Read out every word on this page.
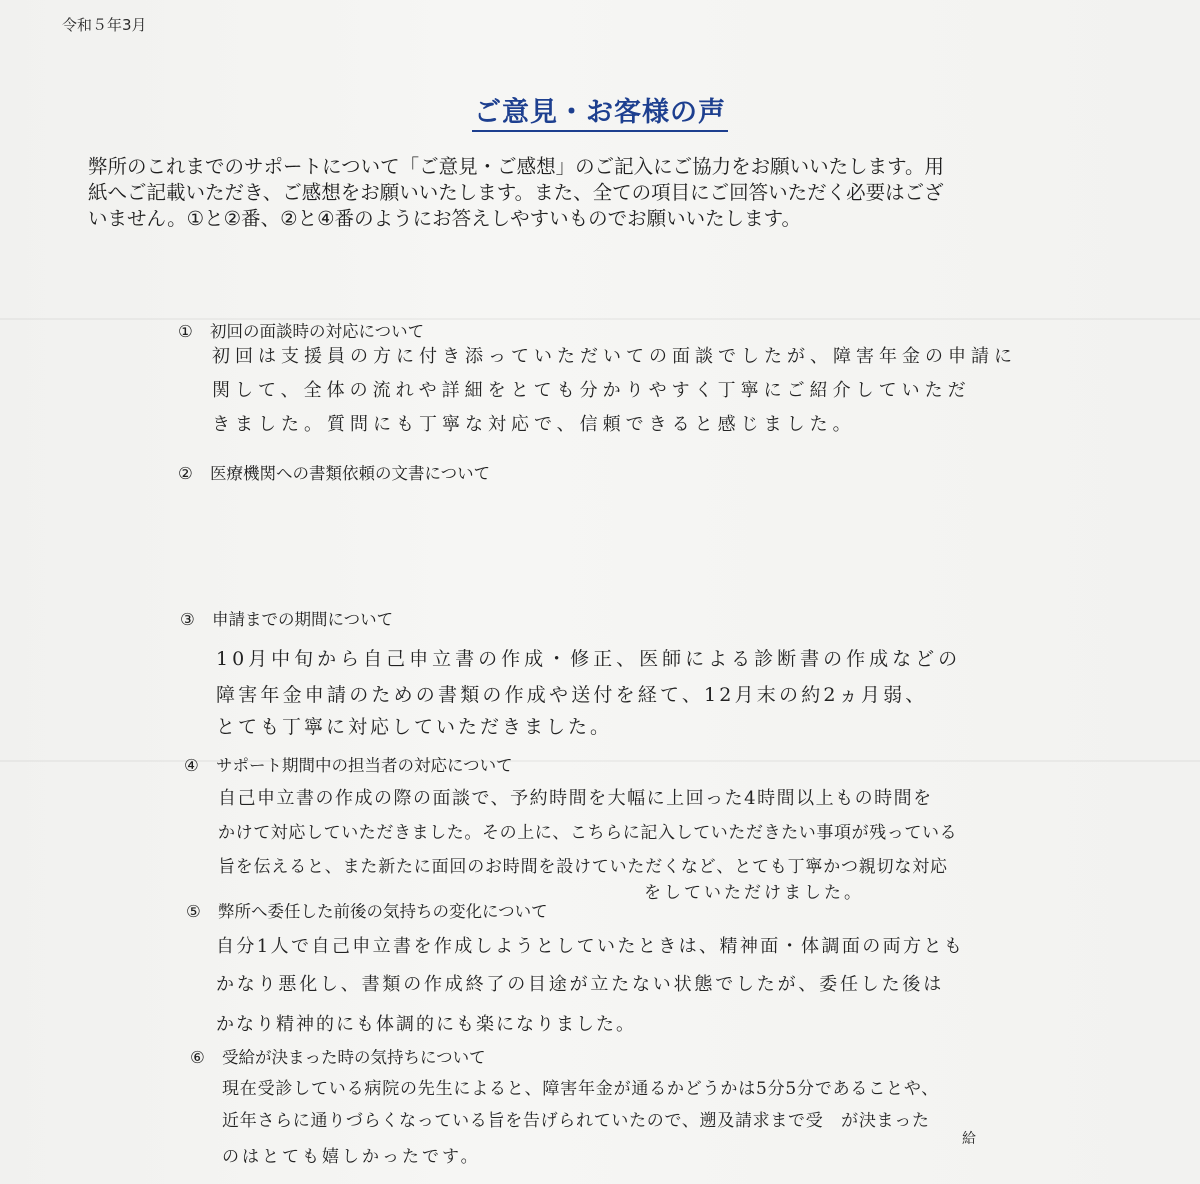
令和５年3月
ご意見・お客様の声
弊所のこれまでのサポートについて「ご意見・ご感想」のご記入にご協力をお願いいたします。用
紙へご記載いただき、ご感想をお願いいたします。また、全ての項目にご回答いただく必要はござ
いません。①と②番、②と④番のようにお答えしやすいものでお願いいたします。
① 初回の面談時の対応について
初回は支援員の方に付き添っていただいての面談でしたが、障害年金の申請に
関して、全体の流れや詳細をとても分かりやすく丁寧にご紹介していただ
きました。質問にも丁寧な対応で、信頼できると感じました。
② 医療機関への書類依頼の文書について
③ 申請までの期間について
10月中旬から自己申立書の作成・修正、医師による診断書の作成などの
障害年金申請のための書類の作成や送付を経て、12月末の約2ヵ月弱、
とても丁寧に対応していただきました。
④ サポート期間中の担当者の対応について
自己申立書の作成の際の面談で、予約時間を大幅に上回った4時間以上もの時間を
かけて対応していただきました。その上に、こちらに記入していただきたい事項が残っている
旨を伝えると、また新たに面回のお時間を設けていただくなど、とても丁寧かつ親切な対応
をしていただけました。
⑤ 弊所へ委任した前後の気持ちの変化について
自分1人で自己申立書を作成しようとしていたときは、精神面・体調面の両方とも
かなり悪化し、書類の作成終了の目途が立たない状態でしたが、委任した後は
かなり精神的にも体調的にも楽になりました。
⑥ 受給が決まった時の気持ちについて
現在受診している病院の先生によると、障害年金が通るかどうかは5分5分であることや、
近年さらに通りづらくなっている旨を告げられていたので、遡及請求まで受　が決まった
給
のはとても嬉しかったです。
